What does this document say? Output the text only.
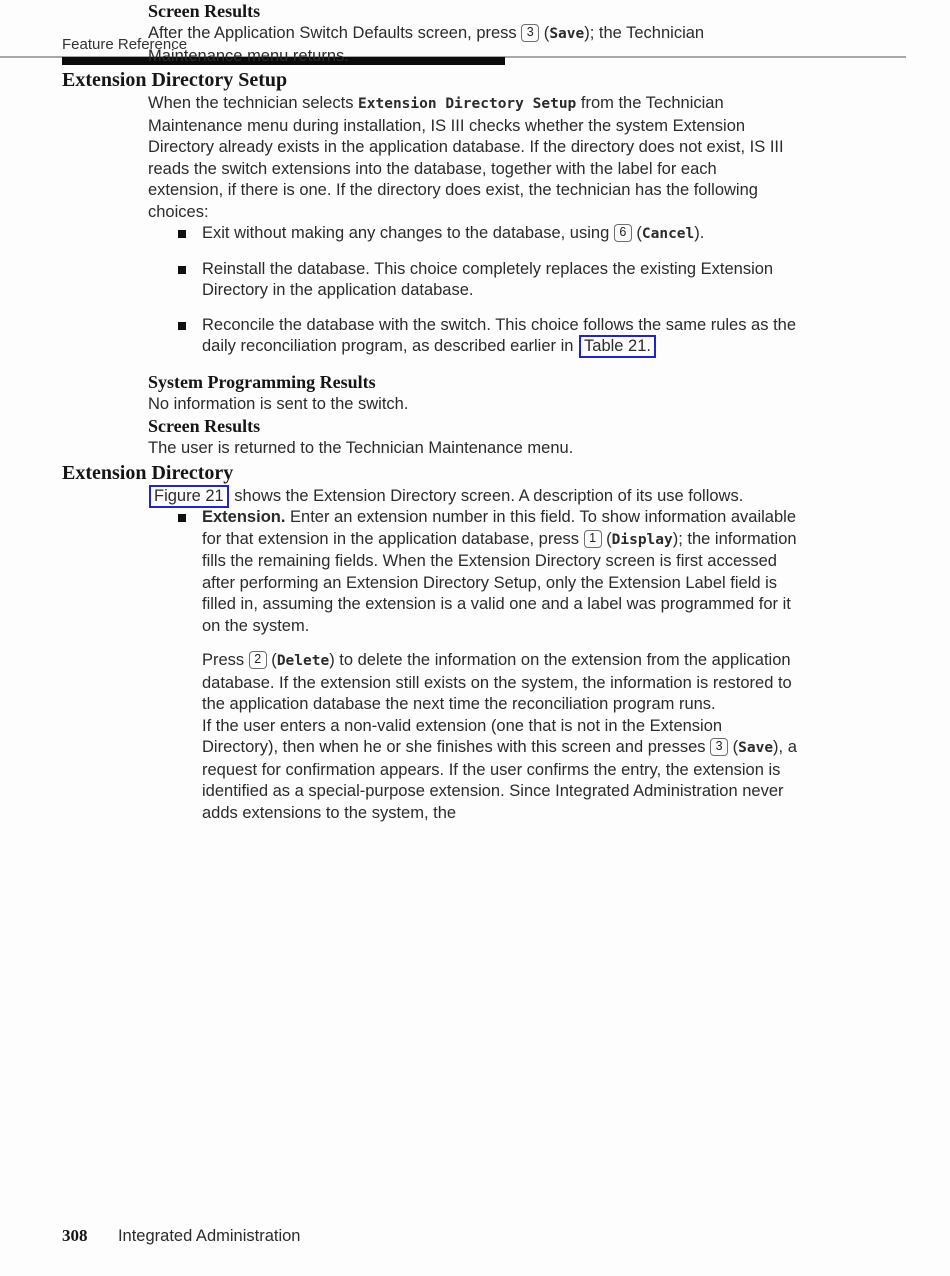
Feature Reference
Screen Results

After the Application Switch Defaults screen, press 3 (Save); the Technician Maintenance menu returns.

Extension Directory Setup

When the technician selects Extension Directory Setup from the Technician Maintenance menu during installation, IS III checks whether the system Extension Directory already exists in the application database. If the directory does not exist, IS III reads the switch extensions into the database, together with the label for each extension, if there is one. If the directory does exist, the technician has the following choices:

Exit without making any changes to the database, using 6 (Cancel).
Reinstall the database. This choice completely replaces the existing Extension Directory in the application database.
Reconcile the database with the switch. This choice follows the same rules as the daily reconciliation program, as described earlier in Table 21.
System Programming Results

No information is sent to the switch.

Screen Results

The user is returned to the Technician Maintenance menu.

Extension Directory

Figure 21 shows the Extension Directory screen. A description of its use follows.

Extension. Enter an extension number in this field. To show information available for that extension in the application database, press 1 (Display); the information fills the remaining fields. When the Extension Directory screen is first accessed after performing an Extension Directory Setup, only the Extension Label field is filled in, assuming the extension is a valid one and a label was programmed for it on the system.

Press 2 (Delete) to delete the information on the extension from the application database. If the extension still exists on the system, the information is restored to the application database the next time the reconciliation program runs.

If the user enters a non-valid extension (one that is not in the Extension Directory), then when he or she finishes with this screen and presses 3 (Save), a request for confirmation appears. If the user confirms the entry, the extension is identified as a special-purpose extension. Since Integrated Administration never adds extensions to the system, the

308 Integrated Administration
